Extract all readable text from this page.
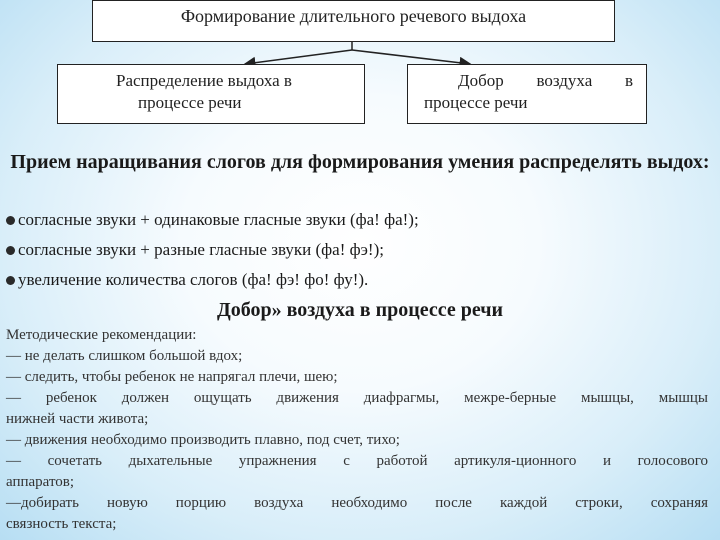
Формирование длительного речевого выдоха
Распределение выдоха в
процессе речи
Добор воздуха в
процессе речи
Прием наращивания слогов для формирования умения распределять выдох:
согласные звуки + одинаковые гласные звуки (фа! фа!);
согласные звуки + разные гласные звуки (фа! фэ!);
увеличение количества слогов (фа! фэ! фо! фу!).
Добор» воздуха в процессе речи

Методические рекомендации:

— не делать слишком большой вдох;

— следить, чтобы ребенок не напрягал плечи, шею;

— ребенок должен ощущать движения диафрагмы, межре-берные мышцы, мышцы

нижней части живота;

— движения необходимо производить плавно, под счет, тихо;

— сочетать дыхательные упражнения с работой артикуля-ционного и голосового

аппаратов;

—добирать новую порцию воздуха необходимо после каждой строки, сохраняя

связность текста;
